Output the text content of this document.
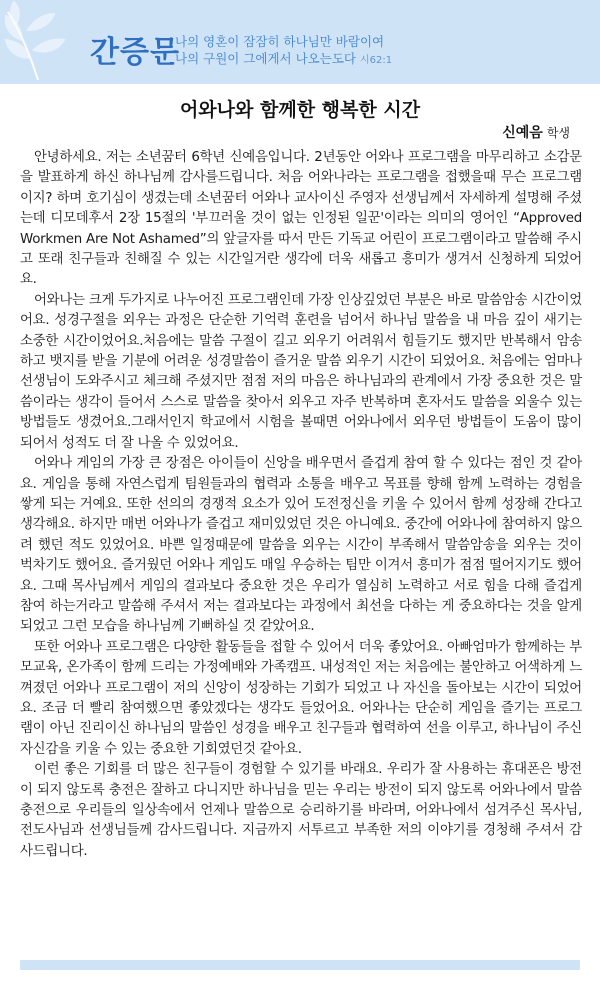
간증문
나의 영혼이 잠잠히 하나님만 바람이여
나의 구원이 그에게서 나오는도다 시62:1
어와나와 함께한 행복한 시간
신예음 학생

안녕하세요. 저는 소년꿈터 6학년 신예음입니다. 2년동안 어와나 프로그램을 마무리하고 소감문을 발표하게 하신 하나님께 감사를드립니다. 처음 어와나라는 프로그램을 접했을때 무슨 프로그램이지? 하며 호기심이 생겼는데 소년꿈터 어와나 교사이신 주영자 선생님께서 자세하게 설명해 주셨는데 디모데후서 2장 15절의 '부끄러울 것이 없는 인정된 일꾼'이라는 의미의 영어인 “Approved Workmen Are Not Ashamed”의 앞글자를 따서 만든 기독교 어린이 프로그램이라고 말씀해 주시고 또래 친구들과 친해질 수 있는 시간일거란 생각에 더욱 새롭고 흥미가 생겨서 신청하게 되었어요.

어와나는 크게 두가지로 나누어진 프로그램인데 가장 인상깊었던 부분은 바로 말씀암송 시간이었어요. 성경구절을 외우는 과정은 단순한 기억력 훈련을 넘어서 하나님 말씀을 내 마음 깊이 새기는 소중한 시간이었어요.처음에는 말씀 구절이 길고 외우기 어려워서 힘들기도 했지만 반복해서 암송하고 뱃지를 받을 기분에 어려운 성경말씀이 즐거운 말씀 외우기 시간이 되었어요. 처음에는 엄마나 선생님이 도와주시고 체크해 주셨지만 점점 저의 마음은 하나님과의 관계에서 가장 중요한 것은 말씀이라는 생각이 들어서 스스로 말씀을 찾아서 외우고 자주 반복하며 혼자서도 말씀을 외울수 있는 방법들도 생겼어요.그래서인지 학교에서 시험을 볼때면 어와나에서 외우던 방법들이 도움이 많이 되어서 성적도 더 잘 나올 수 있었어요.

어와나 게임의 가장 큰 장점은 아이들이 신앙을 배우면서 즐겁게 참여 할 수 있다는 점인 것 같아요. 게임을 통해 자연스럽게 팀원들과의 협력과 소통을 배우고 목표를 향해 함께 노력하는 경험을 쌓게 되는 거예요. 또한 선의의 경쟁적 요소가 있어 도전정신을 키울 수 있어서 함께 성장해 간다고 생각해요. 하지만 매번 어와나가 즐겁고 재미있었던 것은 아니예요. 중간에 어와나에 참여하지 않으려 했던 적도 있었어요. 바쁜 일정때문에 말씀을 외우는 시간이 부족해서 말씀암송을 외우는 것이 벅차기도 했어요. 즐거웠던 어와나 게임도 매일 우승하는 팀만 이겨서 흥미가 점점 떨어지기도 했어요. 그때 목사님께서 게임의 결과보다 중요한 것은 우리가 열심히 노력하고 서로 힘을 다해 즐겁게 참여 하는거라고 말씀해 주셔서 저는 결과보다는 과정에서 최선을 다하는 게 중요하다는 것을 알게 되었고 그런 모습을 하나님께 기뻐하실 것 같았어요.

또한 어와나 프로그램은 다양한 활동들을 접할 수 있어서 더욱 좋았어요. 아빠엄마가 함께하는 부모교육, 온가족이 함께 드리는 가정예배와 가족캠프. 내성적인 저는 처음에는 불안하고 어색하게 느껴졌던 어와나 프로그램이 저의 신앙이 성장하는 기회가 되었고 나 자신을 돌아보는 시간이 되었어요. 조금 더 빨리 참여했으면 좋았겠다는 생각도 들었어요. 어와나는 단순히 게임을 즐기는 프로그램이 아닌 진리이신 하나님의 말씀인 성경을 배우고 친구들과 협력하여 선을 이루고, 하나님이 주신 자신감을 키울 수 있는 중요한 기회였던것 같아요.

이런 좋은 기회를 더 많은 친구들이 경험할 수 있기를 바래요. 우리가 잘 사용하는 휴대폰은 방전이 되지 않도록 충전은 잘하고 다니지만 하나님을 믿는 우리는 방전이 되지 않도록 어와나에서 말씀 충전으로 우리들의 일상속에서 언제나 말씀으로 승리하기를 바라며, 어와나에서 섬겨주신 목사님, 전도사님과 선생님들께 감사드립니다. 지금까지 서투르고 부족한 저의 이야기를 경청해 주셔서 감사드립니다.
